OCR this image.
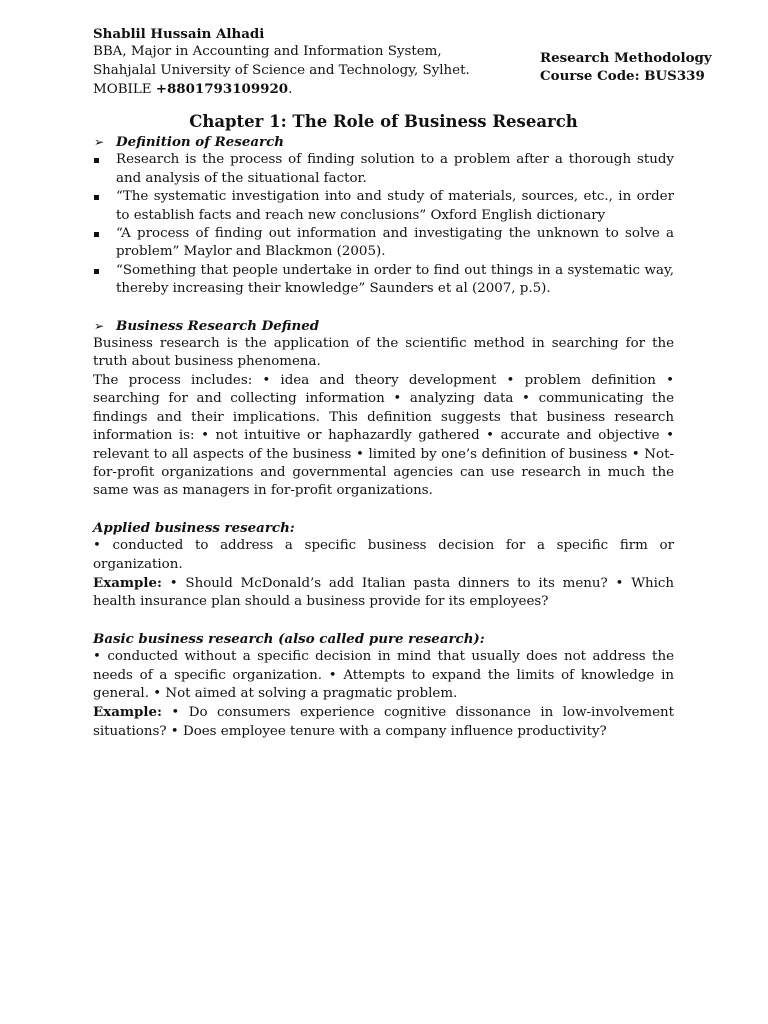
Shablil Hussain Alhadi
BBA, Major in Accounting and Information System,
Shahjalal University of Science and Technology, Sylhet.
MOBILE +8801793109920.
Research Methodology
Course Code: BUS339
Chapter 1: The Role of Business Research
➢ Definition of Research
Research is the process of finding solution to a problem after a thorough study and analysis of the situational factor.
“The systematic investigation into and study of materials, sources, etc., in order to establish facts and reach new conclusions” Oxford English dictionary
“A process of finding out information and investigating the unknown to solve a problem” Maylor and Blackmon (2005).
“Something that people undertake in order to find out things in a systematic way, thereby increasing their knowledge” Saunders et al (2007, p.5).
➢ Business Research Defined

Business research is the application of the scientific method in searching for the truth about business phenomena.

The process includes: • idea and theory development • problem definition • searching for and collecting information • analyzing data • communicating the findings and their implications. This definition suggests that business research information is: • not intuitive or haphazardly gathered • accurate and objective • relevant to all aspects of the business • limited by one’s definition of business • Not-for-profit organizations and governmental agencies can use research in much the same was as managers in for-profit organizations.

Applied business research:

• conducted to address a specific business decision for a specific firm or organization.

Example: • Should McDonald’s add Italian pasta dinners to its menu? • Which health insurance plan should a business provide for its employees?

Basic business research (also called pure research):

• conducted without a specific decision in mind that usually does not address the needs of a specific organization. • Attempts to expand the limits of knowledge in general. • Not aimed at solving a pragmatic problem.

Example: • Do consumers experience cognitive dissonance in low-involvement situations? • Does employee tenure with a company influence productivity?
